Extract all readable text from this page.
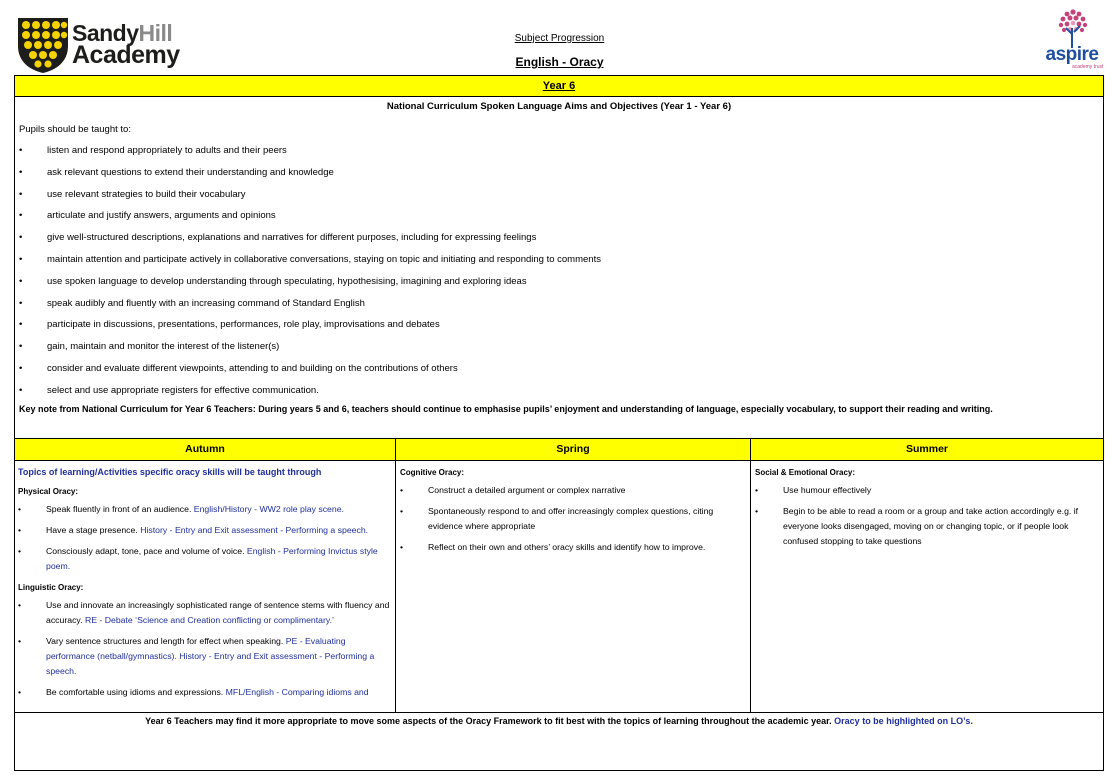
SandyHill
Academy
Subject Progression
English - Oracy	aspire
academy trust
Year 6
National Curriculum Spoken Language Aims and Objectives (Year 1 - Year 6)
Pupils should be taught to:
•	listen and respond appropriately to adults and their peers
•	ask relevant questions to extend their understanding and knowledge
•	use relevant strategies to build their vocabulary
•	articulate and justify answers, arguments and opinions
•	give well-structured descriptions, explanations and narratives for different purposes, including for expressing feelings
•	maintain attention and participate actively in collaborative conversations, staying on topic and initiating and responding to comments
•	use spoken language to develop understanding through speculating, hypothesising, imagining and exploring ideas
•	speak audibly and fluently with an increasing command of Standard English
•	participate in discussions, presentations, performances, role play, improvisations and debates
•	gain, maintain and monitor the interest of the listener(s)
•	consider and evaluate different viewpoints, attending to and building on the contributions of others
•	select and use appropriate registers for effective communication.
Key note from National Curriculum for Year 6 Teachers: During years 5 and 6, teachers should continue to emphasise pupils’ enjoyment and understanding of language, especially vocabulary, to support their reading and writing.
Autumn	Spring	Summer
Topics of learning/Activities specific oracy skills will be taught through
Physical Oracy:
•	Speak fluently in front of an audience. English/History - WW2 role play scene.
•	Have a stage presence. History - Entry and Exit assessment - Performing a speech.
•	Consciously adapt, tone, pace and volume of voice. English - Performing Invictus style poem.
Linguistic Oracy:
•	Use and innovate an increasingly sophisticated range of sentence stems with fluency and accuracy. RE - Debate ‘Science and Creation conflicting or complimentary.’
•	Vary sentence structures and length for effect when speaking. PE - Evaluating performance (netball/gymnastics). History - Entry and Exit assessment - Performing a speech.
•	Be comfortable using idioms and expressions. MFL/English - Comparing idioms and
Cognitive Oracy:
•	Construct a detailed argument or complex narrative
•	Spontaneously respond to and offer increasingly complex questions, citing evidence where appropriate
•	Reflect on their own and others’ oracy skills and identify how to improve.
Social & Emotional Oracy:
•	Use humour effectively
•	Begin to be able to read a room or a group and take action accordingly e.g. if everyone looks disengaged, moving on or changing topic, or if people look confused stopping to take questions
Year 6 Teachers may find it more appropriate to move some aspects of the Oracy Framework to fit best with the topics of learning throughout the academic year. Oracy to be highlighted on LO’s.
